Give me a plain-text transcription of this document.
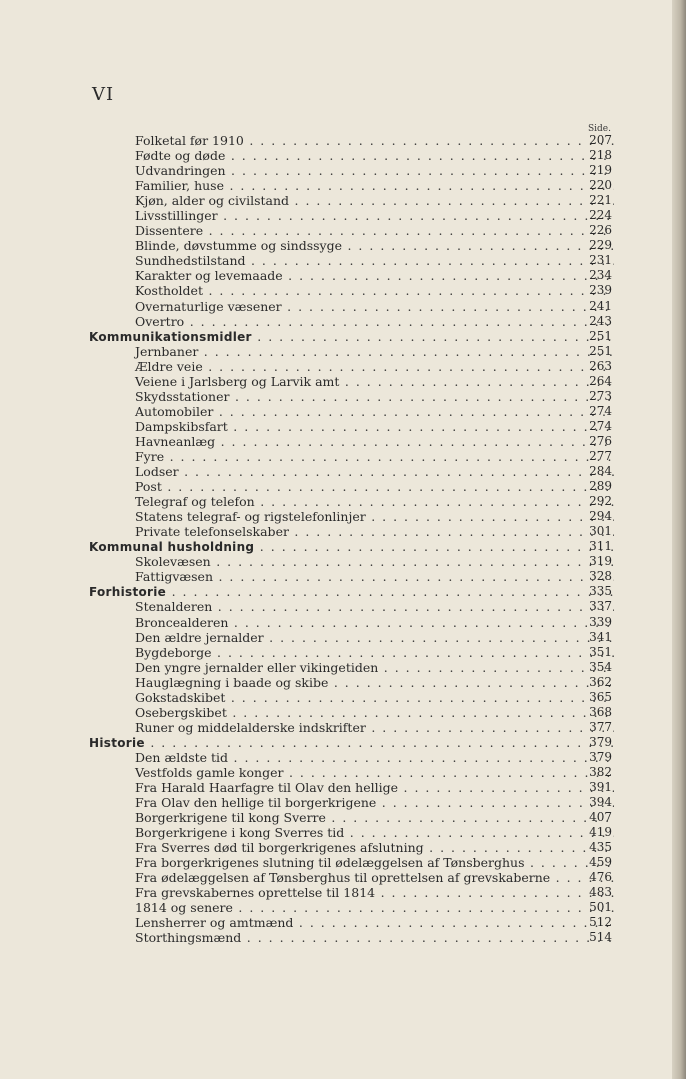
VI
Side.
Folketal før 1910 . . .	207
Fødte og døde . . .	218
Udvandringen . . .	219
Familier, huse . . .	220
Kjøn, alder og civilstand . . .	221
Livsstillinger . . .	224
Dissentere . . .	226
Blinde, døvstumme og sindssyge . . .	229
Sundhedstilstand . . .	231
Karakter og levemaade . . .	234
Kostholdet . . .	239
Overnaturlige væsener . . .	241
Overtro . . .	243
Kommunikationsmidler . . .	251
Jernbaner . . .	251
Ældre veie . . .	263
Veiene i Jarlsberg og Larvik amt . . .	264
Skydsstationer . . .	273
Automobiler . . .	274
Dampskibsfart . . .	274
Havneanlæg . . .	276
Fyre . . .	277
Lodser . . .	284
Post . . .	289
Telegraf og telefon . . .	292
Statens telegraf- og rigstelefonlinjer . . .	294
Private telefonselskaber . . .	301
Kommunal husholdning . . .	311
Skolevæsen . . .	319
Fattigvæsen . . .	328
Forhistorie . . .	335
Stenalderen . . .	337
Broncealderen . . .	339
Den ældre jernalder . . .	341
Bygdeborge . . .	351
Den yngre jernalder eller vikingetiden . . .	354
Hauglægning i baade og skibe . . .	362
Gokstadskibet . . .	365
Osebergskibet . . .	368
Runer og middelalderske indskrifter . . .	377
Historie . . .	379
Den ældste tid . . .	379
Vestfolds gamle konger . . .	382
Fra Harald Haarfagre til Olav den hellige . . .	391
Fra Olav den hellige til borgerkrigene . . .	394
Borgerkrigene til kong Sverre . . .	407
Borgerkrigene i kong Sverres tid . . .	419
Fra Sverres død til borgerkrigenes afslutning . . .	435
Fra borgerkrigenes slutning til ødelæggelsen af Tønsberghus . . .	459
Fra ødelæggelsen af Tønsberghus til oprettelsen af grevskaberne . . .	476
Fra grevskabernes oprettelse til 1814 . . .	483
1814 og senere . . .	501
Lensherrer og amtmænd . . .	512
Storthingsmænd . . .	514
